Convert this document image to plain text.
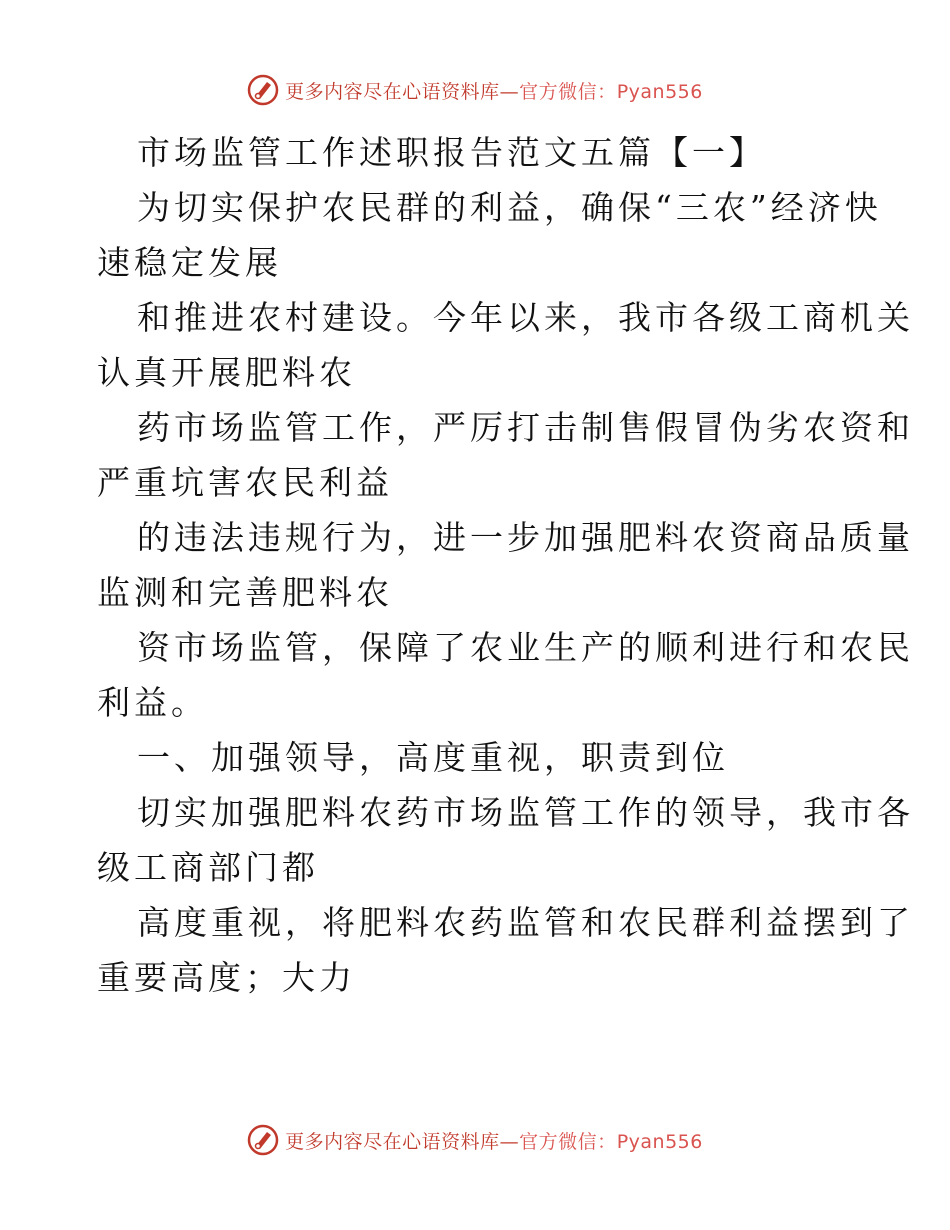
更多内容尽在心语资料库—官方微信：Pyan556

市场监管工作述职报告范文五篇【一】

为切实保护农民群的利益，确保“三农”经济快

速稳定发展

和推进农村建设。今年以来，我市各级工商机关

认真开展肥料农

药市场监管工作，严厉打击制售假冒伪劣农资和

严重坑害农民利益

的违法违规行为，进一步加强肥料农资商品质量

监测和完善肥料农

资市场监管，保障了农业生产的顺利进行和农民

利益。

一、加强领导，高度重视，职责到位

切实加强肥料农药市场监管工作的领导，我市各

级工商部门都

高度重视，将肥料农药监管和农民群利益摆到了

重要高度；大力

更多内容尽在心语资料库—官方微信：Pyan556
